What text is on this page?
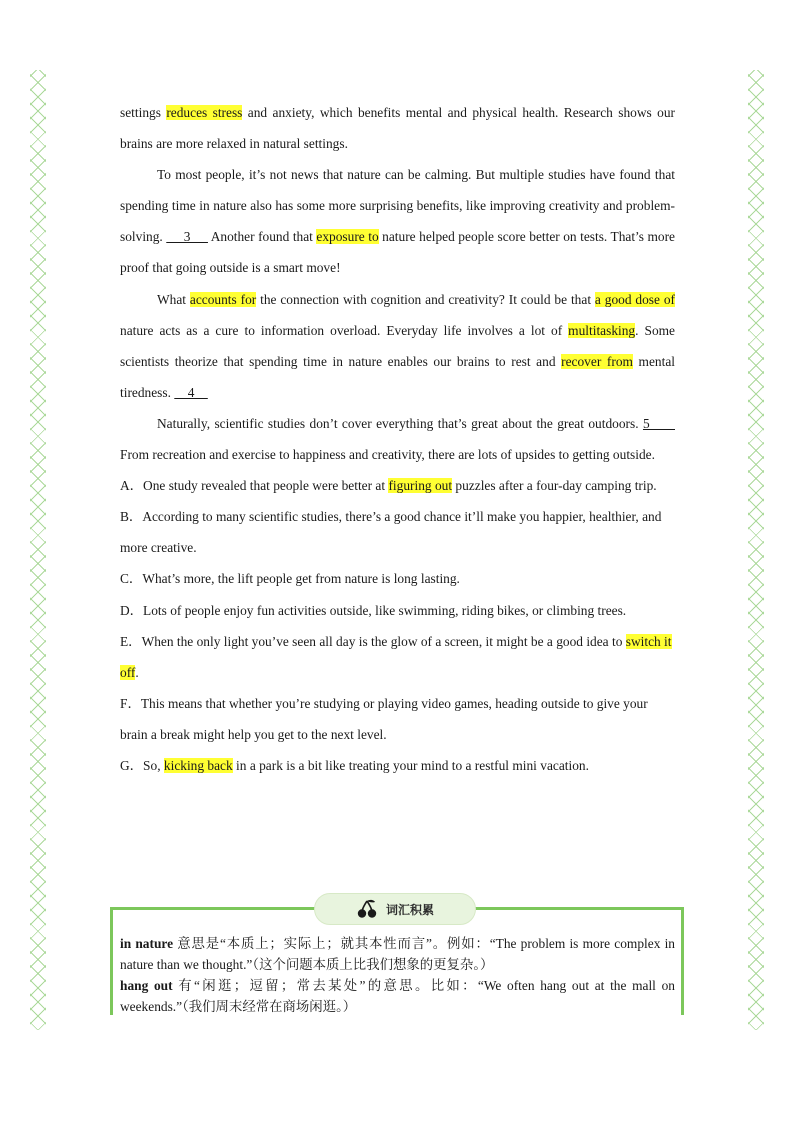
settings reduces stress and anxiety, which benefits mental and physical health. Research shows our brains are more relaxed in natural settings.

To most people, it’s not news that nature can be calming. But multiple studies have found that spending time in nature also has some more surprising benefits, like improving creativity and problem-solving.      3      Another found that exposure to nature helped people score better on tests. That’s more proof that going outside is a smart move!

What accounts for the connection with cognition and creativity? It could be that a good dose of nature acts as a cure to information overload. Everyday life involves a lot of multitasking. Some scientists theorize that spending time in nature enables our brains to rest and recover from mental tiredness.     4

Naturally, scientific studies don’t cover everything that’s great about the great outdoors. 5       From recreation and exercise to happiness and creativity, there are lots of upsides to getting outside.

A．One study revealed that people were better at figuring out puzzles after a four-day camping trip.

B．According to many scientific studies, there’s a good chance it’ll make you happier, healthier, and more creative.

C．What’s more, the lift people get from nature is long lasting.

D．Lots of people enjoy fun activities outside, like swimming, riding bikes, or climbing trees.

E．When the only light you’ve seen all day is the glow of a screen, it might be a good idea to switch it off.

F．This means that whether you’re studying or playing video games, heading outside to give your brain a break might help you get to the next level.

G．So, kicking back in a park is a bit like treating your mind to a restful mini vacation.

词汇积累

in nature 意思是“本质上；实际上；就其本性而言”。例如：“The problem is more complex in nature than we thought.”（这个问题本质上比我们想象的更复杂。）

hang out 有“闲逛；逗留；常去某处”的意思。比如：“We often hang out at the mall on weekends.”（我们周末经常在商场闲逛。）
